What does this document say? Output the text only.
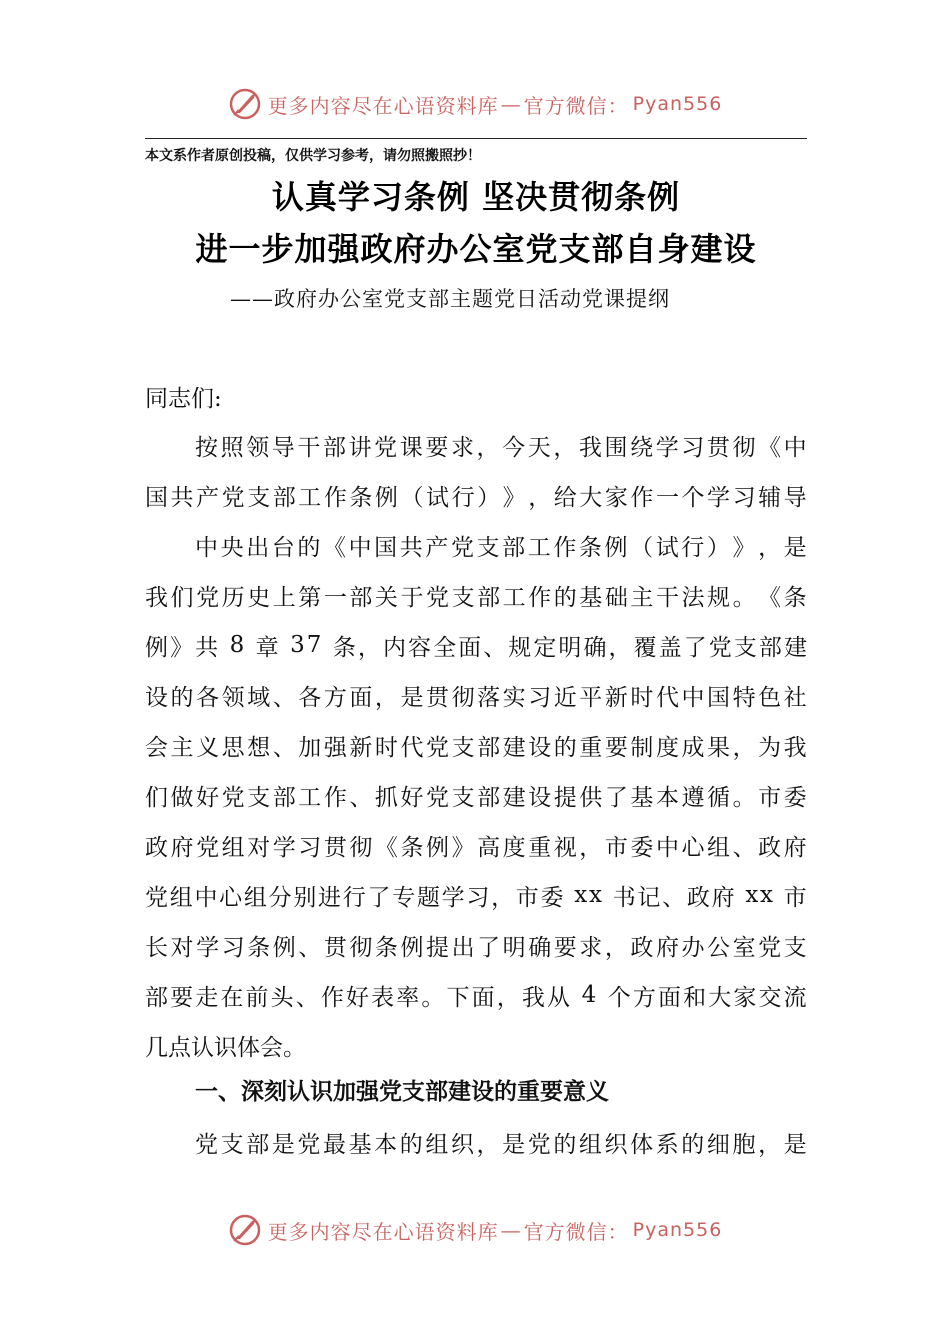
更多内容尽在心语资料库 — 官方微信： Pyan556
本文系作者原创投稿，仅供学习参考，请勿照搬照抄！
认真学习条例 坚决贯彻条例
进一步加强政府办公室党支部自身建设
——政府办公室党支部主题党日活动党课提纲
同志们:
按 照 领 导 干 部 讲 党 课 要 求 ， 今 天 ， 我 围 绕 学 习 贯 彻 《 中
国 共 产 党 支 部 工 作 条 例 （ 试 行 ） 》 ， 给 大 家 作 一 个 学 习 辅 导
中 央 出 台 的 《 中 国 共 产 党 支 部 工 作 条 例 （ 试 行 ） 》 ， 是
我 们 党 历 史 上 第 一 部 关 于 党 支 部 工 作 的 基 础 主 干 法 规 。 《 条
例 》 共
8
章
3 7
条 ， 内 容 全 面 、 规 定 明 确 ， 覆 盖 了 党 支 部 建
设 的 各 领 域 、 各 方 面 ， 是 贯 彻 落 实 习 近 平 新 时 代 中 国 特 色 社
会 主 义 思 想 、 加 强 新 时 代 党 支 部 建 设 的 重 要 制 度 成 果 ， 为 我
们 做 好 党 支 部 工 作 、 抓 好 党 支 部 建 设 提 供 了 基 本 遵 循 。 市 委
政 府 党 组 对 学 习 贯 彻 《 条 例 》 高 度 重 视 ， 市 委 中 心 组 、 政 府
党 组 中 心 组 分 别 进 行 了 专 题 学 习 ， 市 委
x x
书 记 、 政 府
x x
市
长 对 学 习 条 例 、 贯 彻 条 例 提 出 了 明 确 要 求 ， 政 府 办 公 室 党 支
部 要 走 在 前 头 、 作 好 表 率 。 下 面 ， 我 从
4
个 方 面 和 大 家 交 流
几点认识体会。
一、深刻认识加强党支部建设的重要意义
党 支 部 是 党 最 基 本 的 组 织 ， 是 党 的 组 织 体 系 的 细 胞 ， 是
更多内容尽在心语资料库 — 官方微信： Pyan556
